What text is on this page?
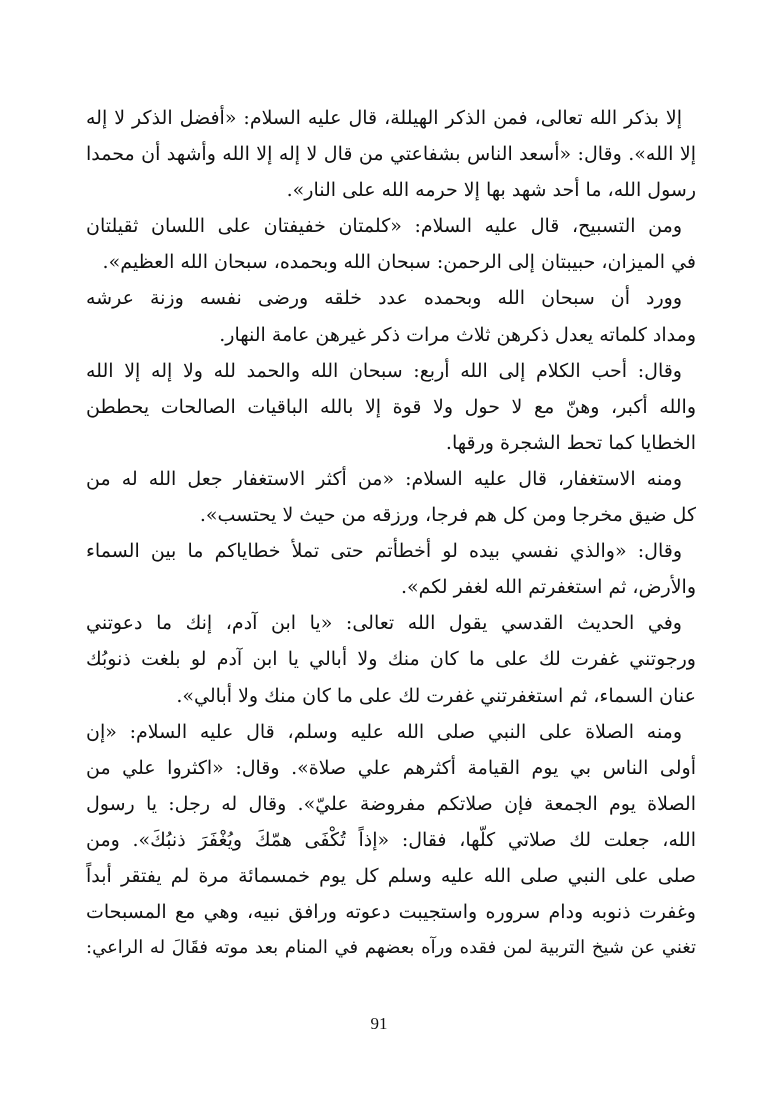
إلا بذكر الله تعالى، فمن الذكر الهيللة، قال عليه السلام: «أفضل الذكر لا إله
إلا الله». وقال: «أسعد الناس بشفاعتي من قال لا إله إلا الله وأشهد أن محمدا
رسول الله، ما أحد شهد بها إلا حرمه الله على النار».
ومن التسبيح، قال عليه السلام: «كلمتان خفيفتان على اللسان ثقيلتان
في الميزان، حبيبتان إلى الرحمن: سبحان الله وبحمده، سبحان الله العظيم».
وورد أن سبحان الله وبحمده عدد خلقه ورضى نفسه وزنة عرشه
ومداد كلماته يعدل ذكرهن ثلاث مرات ذكر غيرهن عامة النهار.
وقال: أحب الكلام إلى الله أربع: سبحان الله والحمد لله ولا إله إلا الله
والله أكبر، وهنّ مع لا حول ولا قوة إلا بالله الباقيات الصالحات يحططن
الخطايا كما تحط الشجرة ورقها.
ومنه الاستغفار، قال عليه السلام: «من أكثر الاستغفار جعل الله له من
كل ضيق مخرجا ومن كل هم فرجا، ورزقه من حيث لا يحتسب».
وقال: «والذي نفسي بيده لو أخطأتم حتى تملأ خطاياكم ما بين السماء
والأرض، ثم استغفرتم الله لغفر لكم».
وفي الحديث القدسي يقول الله تعالى: «يا ابن آدم، إنك ما دعوتني
ورجوتني غفرت لك على ما كان منك ولا أبالي يا ابن آدم لو بلغت ذنوبُك
عنان السماء، ثم استغفرتني غفرت لك على ما كان منك ولا أبالي».
ومنه الصلاة على النبي صلى الله عليه وسلم، قال عليه السلام: «إن
أولى الناس بي يوم القيامة أكثرهم علي صلاة». وقال: «اكثروا علي من
الصلاة يوم الجمعة فإن صلاتكم مفروضة عليّ». وقال له رجل: يا رسول
الله، جعلت لك صلاتي كلّها، فقال: «إذاً تُكْفَى همّكَ ويُغْفَرَ ذنبُكَ». ومن
صلى على النبي صلى الله عليه وسلم كل يوم خمسمائة مرة لم يفتقر أبداً
وغفرت ذنوبه ودام سروره واستجيبت دعوته ورافق نبيه، وهي مع المسبحات
تغني عن شيخ التربية لمن فقده ورآه بعضهم في المنام بعد موته فقَالَ له الراعي:
91
